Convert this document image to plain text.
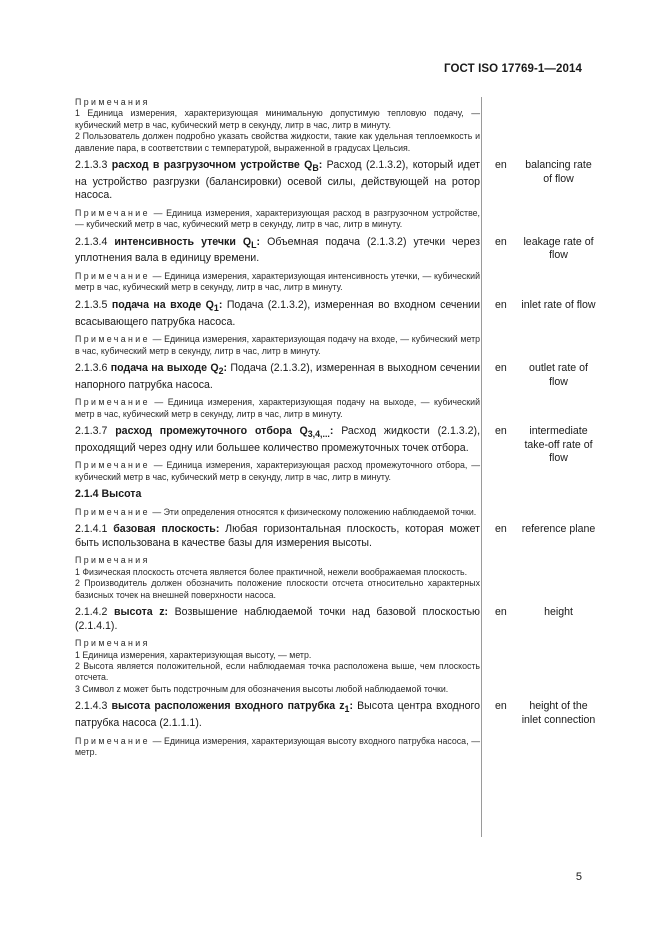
ГОСТ ISO 17769-1—2014

Примечания

1 Единица измерения, характеризующая минимальную допустимую тепловую подачу, — кубический метр в час, кубический метр в секунду, литр в час, литр в минуту.

2 Пользователь должен подробно указать свойства жидкости, такие как удельная теплоемкость и давление пара, в соответствии с температурой, выраженной в градусах Цельсия.

2.1.3.3 расход в разгрузочном устройстве $Q_B$: Расход (2.1.3.2), который идет на устройство разгрузки (балансировки) осевой силы, действующей на ротор насоса.

en	balancing rate of flow

Примечание — Единица измерения, характеризующая расход в разгрузочном устройстве, — кубический метр в час, кубический метр в секунду, литр в час, литр в минуту.

2.1.3.4 интенсивность утечки $Q_L$: Объемная подача (2.1.3.2) утечки через уплотнения вала в единицу времени.

en	leakage rate of flow

Примечание — Единица измерения, характеризующая интенсивность утечки, — кубический метр в час, кубический метр в секунду, литр в час, литр в минуту.

2.1.3.5 подача на входе $Q_1$: Подача (2.1.3.2), измеренная во входном сечении всасывающего патрубка насоса.

en	inlet rate of flow

Примечание — Единица измерения, характеризующая подачу на входе, — кубический метр в час, кубический метр в секунду, литр в час, литр в минуту.

2.1.3.6 подача на выходе $Q_2$: Подача (2.1.3.2), измеренная в выходном сечении напорного патрубка насоса.

en	outlet rate of flow

Примечание — Единица измерения, характеризующая подачу на выходе, — кубический метр в час, кубический метр в секунду, литр в час, литр в минуту.

2.1.3.7 расход промежуточного отбора $Q_{3,4,...}$: Расход жидкости (2.1.3.2), проходящий через одну или большее количество промежуточных точек отбора.

en	intermediate take-off rate of flow

Примечание — Единица измерения, характеризующая расход промежуточного отбора, — кубический метр в час, кубический метр в секунду, литр в час, литр в минуту.

2.1.4 Высота

Примечание — Эти определения относятся к физическому положению наблюдаемой точки.

2.1.4.1 базовая плоскость: Любая горизонтальная плоскость, которая может быть использована в качестве базы для измерения высоты.

en	reference plane

Примечания

1 Физическая плоскость отсчета является более практичной, нежели воображаемая плоскость.

2 Производитель должен обозначить положение плоскости отсчета относительно характерных базисных точек на внешней поверхности насоса.

2.1.4.2 высота z: Возвышение наблюдаемой точки над базовой плоскостью (2.1.4.1).

en	height

Примечания

1 Единица измерения, характеризующая высоту, — метр.

2 Высота является положительной, если наблюдаемая точка расположена выше, чем плоскость отсчета.

3 Символ z может быть подстрочным для обозначения высоты любой наблюдаемой точки.

2.1.4.3 высота расположения входного патрубка $z_1$: Высота центра входного патрубка насоса (2.1.1.1).

en	height of the inlet connection

Примечание — Единица измерения, характеризующая высоту входного патрубка насоса, — метр.

5
